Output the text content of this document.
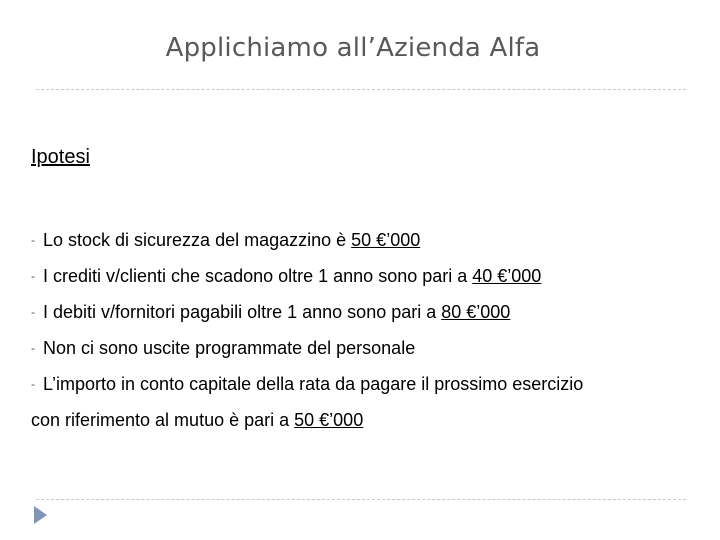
Applichiamo all’Azienda Alfa
Ipotesi
- Lo stock di sicurezza del magazzino è 50 €’000
- I crediti v/clienti che scadono oltre 1 anno sono pari a 40 €’000
- I debiti v/fornitori pagabili oltre 1 anno sono pari a 80 €’000
- Non ci sono uscite programmate del personale
- L’importo in conto capitale della rata da pagare il prossimo esercizio
con riferimento al mutuo è pari a 50 €’000
